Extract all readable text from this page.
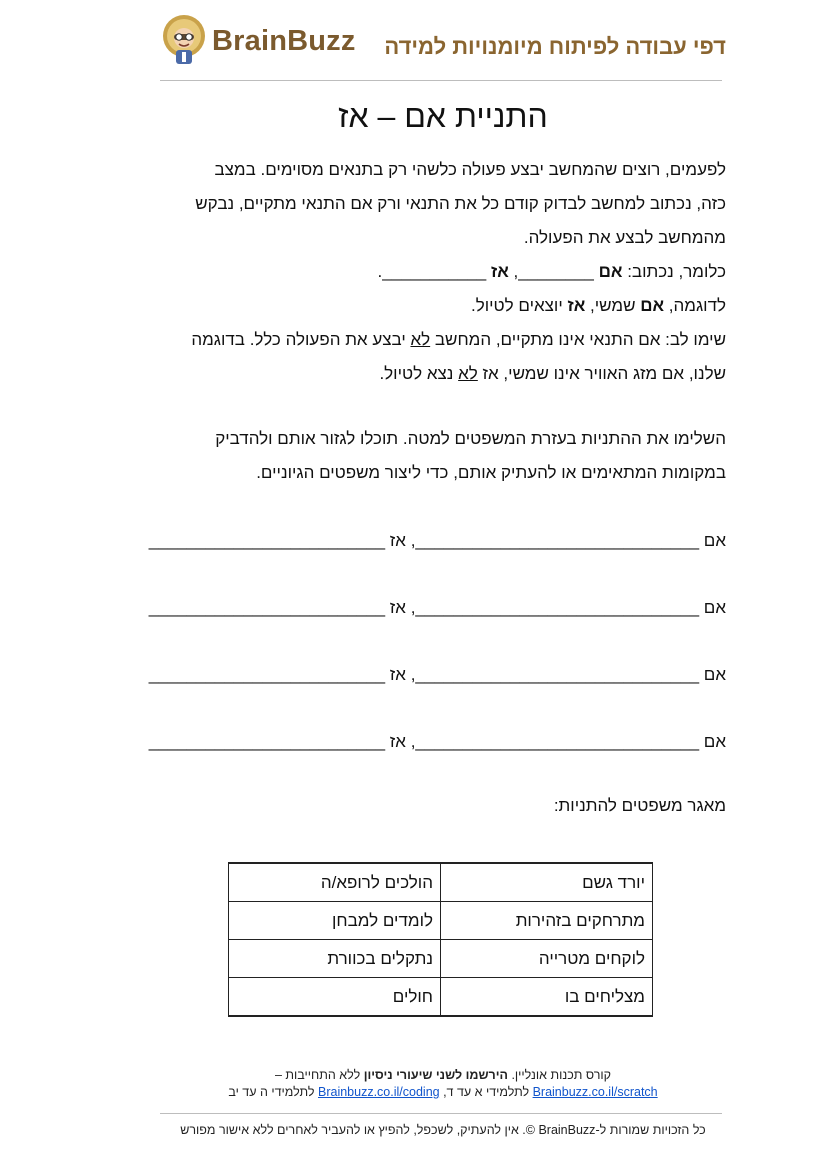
BrainBuzz דפי עבודה לפיתוח מיומנויות למידה
התניית אם – אז
לפעמים, רוצים שהמחשב יבצע פעולה כלשהי רק בתנאים מסוימים. במצב
כזה, נכתוב למחשב לבדוק קודם כל את התנאי ורק אם התנאי מתקיים, נבקש
מהמחשב לבצע את הפעולה.
כלומר, נכתוב: אם ________, אז ___________.
לדוגמה, אם שמשי, אז יוצאים לטיול.
שימו לב: אם התנאי אינו מתקיים, המחשב לא יבצע את הפעולה כלל. בדוגמה
שלנו, אם מזג האוויר אינו שמשי, אז לא נצא לטיול.
השלימו את ההתניות בעזרת המשפטים למטה. תוכלו לגזור אותם ולהדביק
במקומות המתאימים או להעתיק אותם, כדי ליצור משפטים הגיוניים.
אם ______________________________, אז _________________________
אם ______________________________, אז _________________________
אם ______________________________, אז _________________________
אם ______________________________, אז _________________________
מאגר משפטים להתניות:
יורד גשם	הולכים לרופא/ה
מתרחקים בזהירות	לומדים למבחן
לוקחים מטרייה	נתקלים בכוורת
מצליחים בו	חולים
קורס תכנות אונליין. הירשמו לשני שיעורי ניסיון ללא התחייבות –
Brainbuzz.co.il/scratch לתלמידי א עד ד, Brainbuzz.co.il/coding לתלמידי ה עד יב
כל הזכויות שמורות ל-BrainBuzz ©. אין להעתיק, לשכפל, להפיץ או להעביר לאחרים ללא אישור מפורש
